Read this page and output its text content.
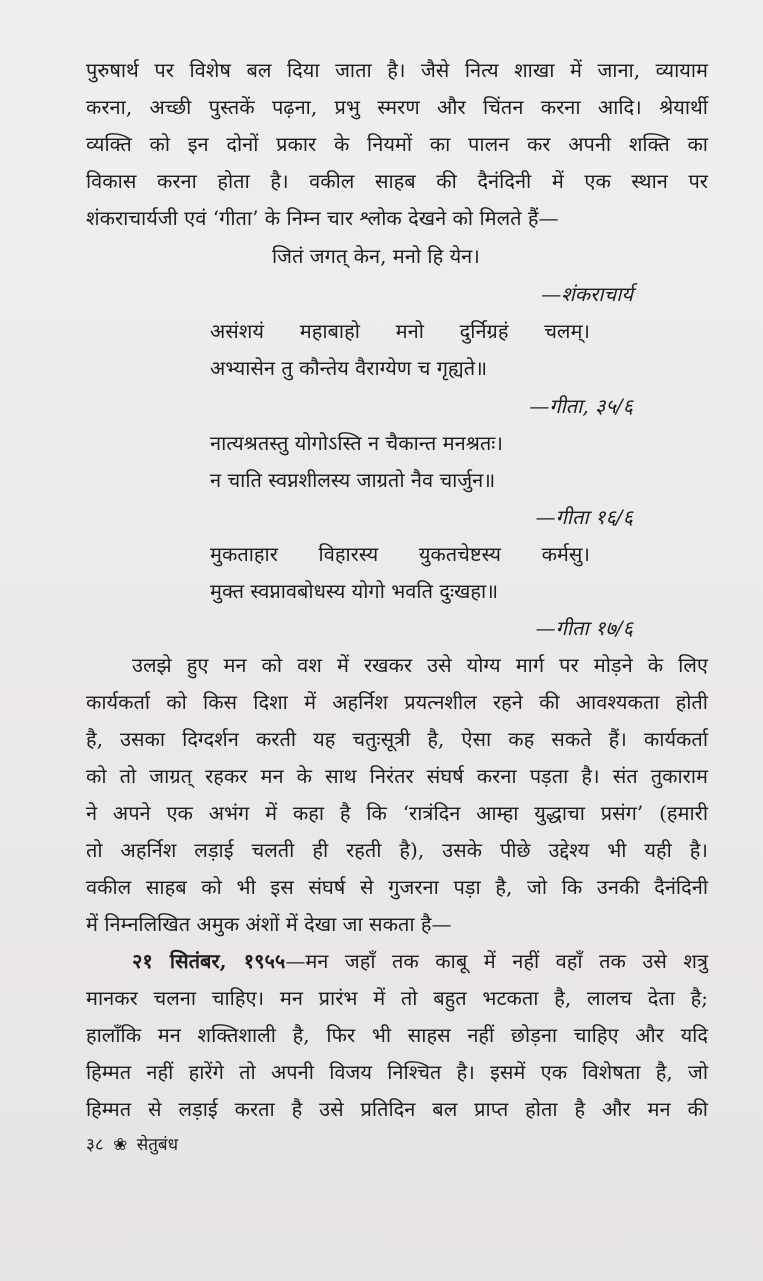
पुरुषार्थ पर विशेष बल दिया जाता है। जैसे नित्य शाखा में जाना, व्यायाम
करना, अच्छी पुस्तकें पढ़ना, प्रभु स्मरण और चिंतन करना आदि। श्रेयार्थी
व्यक्ति को इन दोनों प्रकार के नियमों का पालन कर अपनी शक्ति का
विकास करना होता है। वकील साहब की दैनंदिनी में एक स्थान पर
शंकराचार्यजी एवं ‘गीता’ के निम्न चार श्लोक देखने को मिलते हैं—
जितं जगत् केन, मनो हि येन।
—शंकराचार्य
असंशयं महाबाहो मनो दुर्निग्रहं चलम्।
अभ्यासेन तु कौन्तेय वैराग्येण च गृह्यते॥
—गीता, ३५/६
नात्यश्रतस्तु योगोऽस्ति न चैकान्त मनश्रतः।
न चाति स्वप्नशीलस्य जाग्रतो नैव चार्जुन॥
—गीता १६/६
मुकताहार विहारस्य युकतचेष्टस्य कर्मसु।
मुक्त स्वप्नावबोधस्य योगो भवति दुःखहा॥
—गीता १७/६
उलझे हुए मन को वश में रखकर उसे योग्य मार्ग पर मोड़ने के लिए
कार्यकर्ता को किस दिशा में अहर्निश प्रयत्नशील रहने की आवश्यकता होती
है, उसका दिग्दर्शन करती यह चतुःसूत्री है, ऐसा कह सकते हैं। कार्यकर्ता
को तो जाग्रत् रहकर मन के साथ निरंतर संघर्ष करना पड़ता है। संत तुकाराम
ने अपने एक अभंग में कहा है कि ‘रात्रंदिन आम्हा युद्धाचा प्रसंग’ (हमारी
तो अहर्निश लड़ाई चलती ही रहती है), उसके पीछे उद्देश्य भी यही है।
वकील साहब को भी इस संघर्ष से गुजरना पड़ा है, जो कि उनकी दैनंदिनी
में निम्नलिखित अमुक अंशों में देखा जा सकता है—
२१ सितंबर, १९५५—मन जहाँ तक काबू में नहीं वहाँ तक उसे शत्रु
मानकर चलना चाहिए। मन प्रारंभ में तो बहुत भटकता है, लालच देता है;
हालाँकि मन शक्तिशाली है, फिर भी साहस नहीं छोड़ना चाहिए और यदि
हिम्मत नहीं हारेंगे तो अपनी विजय निश्चित है। इसमें एक विशेषता है, जो
हिम्मत से लड़ाई करता है उसे प्रतिदिन बल प्राप्त होता है और मन की
३८ ❀ सेतुबंध
